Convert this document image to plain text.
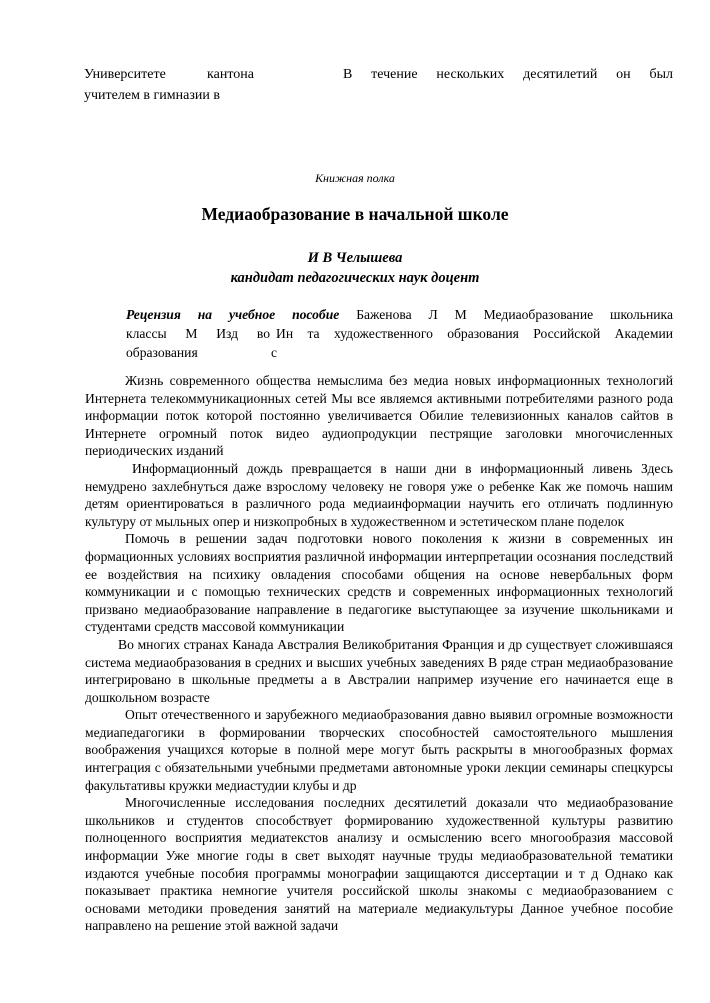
Университете кантона учителем в гимназии в
В течение нескольких десятилетий он был
Книжная полка
Медиаобразование в начальной школе
И В Челышева
кандидат педагогических наук доцент
Рецензия на учебное пособие Баженова Л М Медиаобразование школьника
классы М Изд во Ин та художественного образования Российской Академии
образования	с

Жизнь современного общества немыслима без медиа новых информационных технологий Интернета телекоммуникационных сетей Мы все являемся активными потребителями разного рода информации поток которой постоянно увеличивается Обилие телевизионных каналов сайтов в Интернете огромный поток видео аудиопродукции пестрящие заголовки многочисленных периодических изданий

Информационный дождь превращается в наши дни в информационный ливень Здесь немудрено захлебнуться даже взрослому человеку не говоря уже о ребенке Как же помочь нашим детям ориентироваться в различного рода медиаинформации научить его отличать подлинную культуру от мыльных опер и низкопробных в художественном и эстетическом плане поделок

Помочь в решении задач подготовки нового поколения к жизни в современных ин формационных условиях восприятия различной информации интерпретации осознания последствий ее воздействия на психику овладения способами общения на основе невербальных форм коммуникации и с помощью технических средств и современных информационных технологий призвано медиаобразование направление в педагогике выступающее за изучение школьниками и студентами средств массовой коммуникации

Во многих странах Канада Австралия Великобритания Франция и др существует сложившаяся система медиаобразования в средних и высших учебных заведениях В ряде стран медиаобразование интегрировано в школьные предметы а в Австралии например изучение его начинается еще в дошкольном возрасте

Опыт отечественного и зарубежного медиаобразования давно выявил огромные возможности медиапедагогики в формировании творческих способностей самостоятельного мышления воображения учащихся которые в полной мере могут быть раскрыты в многообразных формах интеграция с обязательными учебными предметами автономные уроки лекции семинары спецкурсы факультативы кружки медиастудии клубы и др

Многочисленные исследования последних десятилетий доказали что медиаобразование школьников и студентов способствует формированию художественной культуры развитию полноценного восприятия медиатекстов анализу и осмыслению всего многообразия массовой информации Уже многие годы в свет выходят научные труды медиаобразовательной тематики издаются учебные пособия программы монографии защищаются диссертации и т д Однако как показывает практика немногие учителя российской школы знакомы с медиаобразованием с основами методики проведения занятий на материале медиакультуры Данное учебное пособие направлено на решение этой важной задачи
